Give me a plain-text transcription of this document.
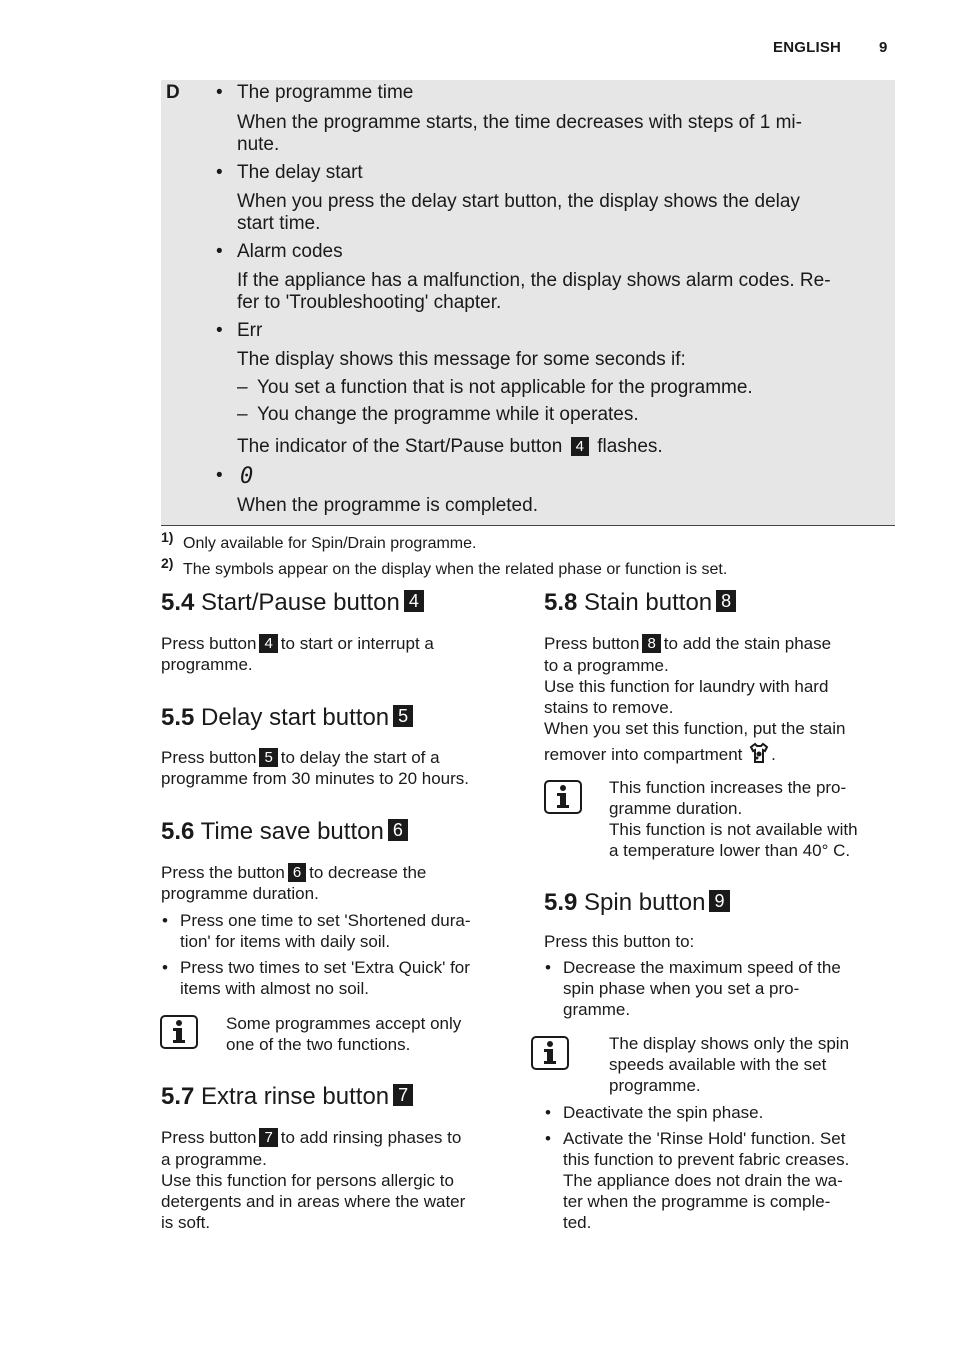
ENGLISH	9
D • The programme time
When the programme starts, the time decreases with steps of 1 mi-
nute.
• The delay start
When you press the delay start button, the display shows the delay
start time.
• Alarm codes
If the appliance has a malfunction, the display shows alarm codes. Re-
fer to 'Troubleshooting' chapter.
• Err
The display shows this message for some seconds if:
– You set a function that is not applicable for the programme.
– You change the programme while it operates.
The indicator of the Start/Pause button 4 flashes.
• 0
When the programme is completed.
1) Only available for Spin/Drain programme.
2) The symbols appear on the display when the related phase or function is set.
5.4 Start/Pause button 4
Press button 4 to start or interrupt a
programme.
5.5 Delay start button 5
Press button 5 to delay the start of a
programme from 30 minutes to 20 hours.
5.6 Time save button 6
Press the button 6 to decrease the
programme duration.
• Press one time to set 'Shortened dura-
tion' for items with daily soil.
• Press two times to set 'Extra Quick' for
items with almost no soil.
Some programmes accept only
one of the two functions.
5.7 Extra rinse button 7
Press button 7 to add rinsing phases to
a programme.
Use this function for persons allergic to
detergents and in areas where the water
is soft.
5.8 Stain button 8
Press button 8 to add the stain phase
to a programme.
Use this function for laundry with hard
stains to remove.
When you set this function, put the stain
remover into compartment .
This function increases the pro-
gramme duration.
This function is not available with
a temperature lower than 40° C.
5.9 Spin button 9
Press this button to:
• Decrease the maximum speed of the
spin phase when you set a pro-
gramme.
The display shows only the spin
speeds available with the set
programme.
• Deactivate the spin phase.
• Activate the 'Rinse Hold' function. Set
this function to prevent fabric creases.
The appliance does not drain the wa-
ter when the programme is comple-
ted.
